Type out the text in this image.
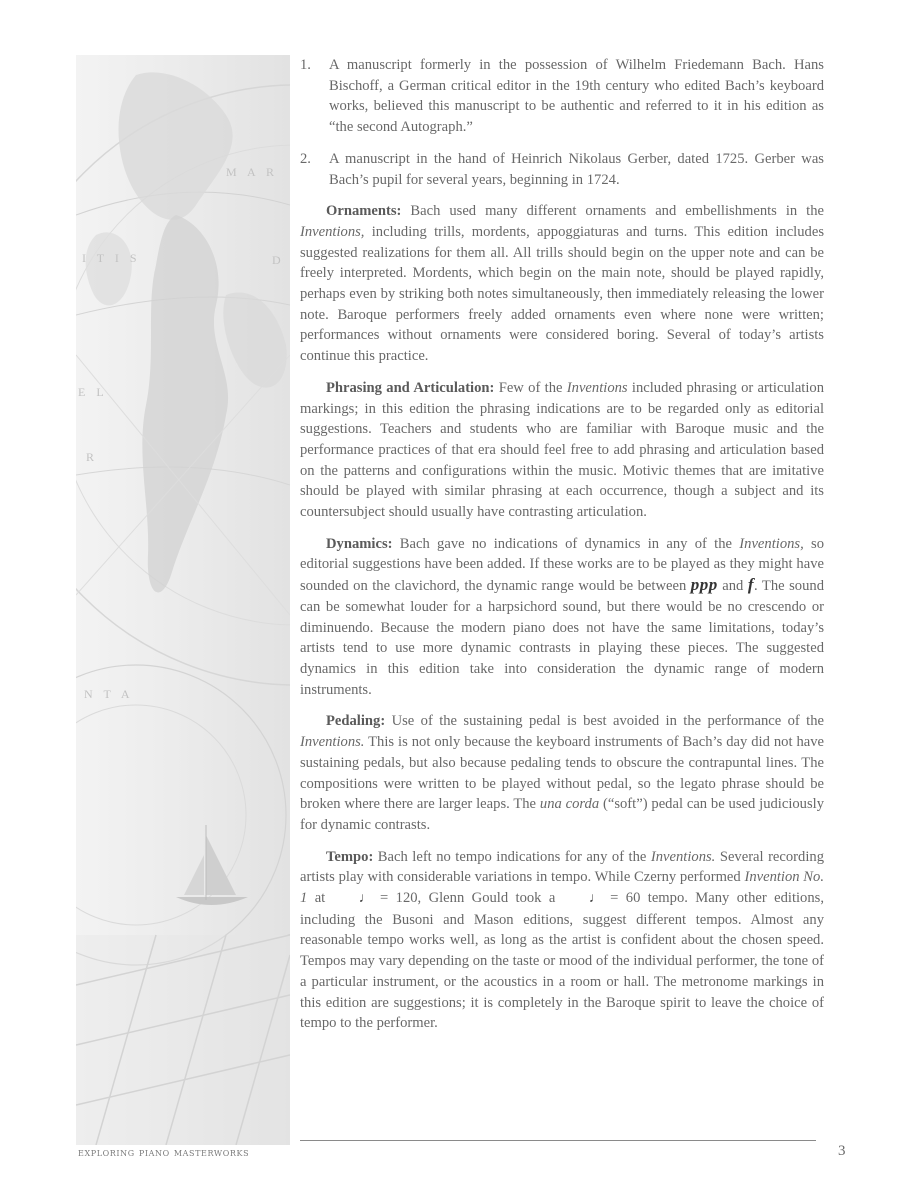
M A R
D
I T I S
E L
R
N T A
1. A manuscript formerly in the possession of Wilhelm Friedemann Bach. Hans Bischoff, a German critical editor in the 19th century who edited Bach’s keyboard works, believed this manuscript to be authentic and referred to it in his edition as “the second Autograph.”
2. A manuscript in the hand of Heinrich Nikolaus Gerber, dated 1725. Gerber was Bach’s pupil for several years, beginning in 1724.

Ornaments: Bach used many different ornaments and embellishments in the Inventions, including trills, mordents, appoggiaturas and turns. This edition includes suggested realizations for them all. All trills should begin on the upper note and can be freely interpreted. Mordents, which begin on the main note, should be played rapidly, perhaps even by striking both notes simultaneously, then immediately releasing the lower note. Baroque performers freely added ornaments even where none were written; performances without ornaments were considered boring. Several of today’s artists continue this practice.

Phrasing and Articulation: Few of the Inventions included phrasing or articulation markings; in this edition the phrasing indications are to be regarded only as editorial suggestions. Teachers and students who are familiar with Baroque music and the performance practices of that era should feel free to add phrasing and articulation based on the patterns and configurations within the music. Motivic themes that are imitative should be played with similar phrasing at each occurrence, though a subject and its countersubject should usually have contrasting articulation.

Dynamics: Bach gave no indications of dynamics in any of the Inventions, so editorial suggestions have been added. If these works are to be played as they might have sounded on the clavichord, the dynamic range would be between ppp and f. The sound can be somewhat louder for a harpsichord sound, but there would be no crescendo or diminuendo. Because the modern piano does not have the same limitations, today’s artists tend to use more dynamic contrasts in playing these pieces. The suggested dynamics in this edition take into consideration the dynamic range of modern instruments.

Pedaling: Use of the sustaining pedal is best avoided in the performance of the Inventions. This is not only because the keyboard instruments of Bach’s day did not have sustaining pedals, but also because pedaling tends to obscure the contrapuntal lines. The compositions were written to be played without pedal, so the legato phrase should be broken where there are larger leaps. The una corda (“soft”) pedal can be used judiciously for dynamic contrasts.

Tempo: Bach left no tempo indications for any of the Inventions. Several recording artists play with considerable variations in tempo. While Czerny performed Invention No. 1 at ♩ = 120, Glenn Gould took a ♩ = 60 tempo. Many other editions, including the Busoni and Mason editions, suggest different tempos. Almost any reasonable tempo works well, as long as the artist is confident about the chosen speed. Tempos may vary depending on the taste or mood of the individual performer, the tone of a particular instrument, or the acoustics in a room or hall. The metronome markings in this edition are suggestions; it is completely in the Baroque spirit to leave the choice of tempo to the performer.

exploring piano masterworks	3
